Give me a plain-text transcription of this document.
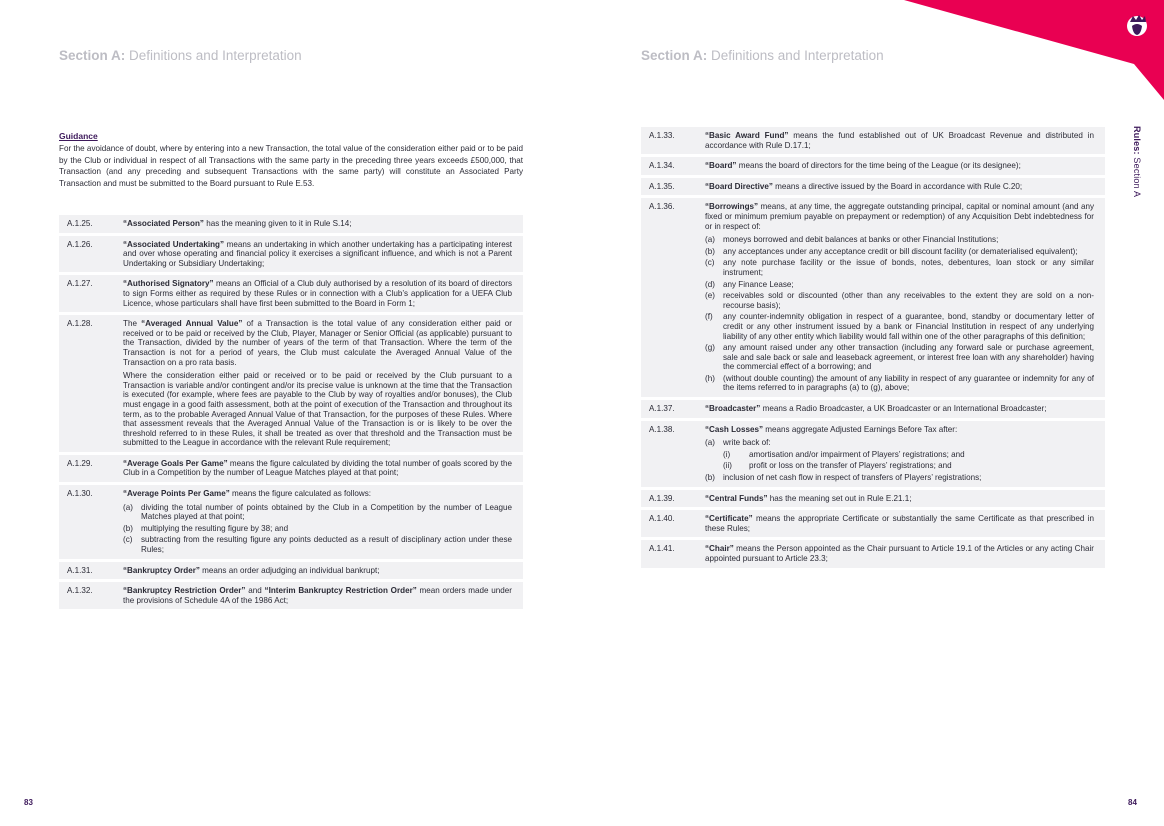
Section A: Definitions and Interpretation	Section A: Definitions and Interpretation
Rules: Section A
Guidance

For the avoidance of doubt, where by entering into a new Transaction, the total value of the consideration either paid or to be paid by the Club or individual in respect of all Transactions with the same party in the preceding three years exceeds £500,000, that Transaction (and any preceding and subsequent Transactions with the same party) will constitute an Associated Party Transaction and must be submitted to the Board pursuant to Rule E.53.

A.1.25.	“Associated Person” has the meaning given to it in Rule S.14;

A.1.26.	“Associated Undertaking” means an undertaking in which another undertaking has a participating interest and over whose operating and financial policy it exercises a significant influence, and which is not a Parent Undertaking or Subsidiary Undertaking;

A.1.27.	“Authorised Signatory” means an Official of a Club duly authorised by a resolution of its board of directors to sign Forms either as required by these Rules or in connection with a Club’s application for a UEFA Club Licence, whose particulars shall have first been submitted to the Board in Form 1;

A.1.28.	The “Averaged Annual Value” of a Transaction is the total value of any consideration either paid or received or to be paid or received by the Club, Player, Manager or Senior Official (as applicable) pursuant to the Transaction, divided by the number of years of the term of that Transaction. Where the term of the Transaction is not for a period of years, the Club must calculate the Averaged Annual Value of the Transaction on a pro rata basis.

Where the consideration either paid or received or to be paid or received by the Club pursuant to a Transaction is variable and/or contingent and/or its precise value is unknown at the time that the Transaction is executed (for example, where fees are payable to the Club by way of royalties and/or bonuses), the Club must engage in a good faith assessment, both at the point of execution of the Transaction and throughout its term, as to the probable Averaged Annual Value of that Transaction, for the purposes of these Rules. Where that assessment reveals that the Averaged Annual Value of the Transaction is or is likely to be over the threshold referred to in these Rules, it shall be treated as over that threshold and the Transaction must be submitted to the League in accordance with the relevant Rule requirement;

A.1.29.	“Average Goals Per Game” means the figure calculated by dividing the total number of goals scored by the Club in a Competition by the number of League Matches played at that point;

A.1.30.	“Average Points Per Game” means the figure calculated as follows:

(a) dividing the total number of points obtained by the Club in a Competition by the number of League Matches played at that point;
(b) multiplying the resulting figure by 38; and
(c)	subtracting from the resulting figure any points deducted as a result of disciplinary action under these Rules;
A.1.31.	“Bankruptcy Order” means an order adjudging an individual bankrupt;

A.1.32.	“Bankruptcy Restriction Order” and “Interim Bankruptcy Restriction Order” mean orders made under the provisions of Schedule 4A of the 1986 Act;

A.1.33.	“Basic Award Fund” means the fund established out of UK Broadcast Revenue and distributed in accordance with Rule D.17.1;

A.1.34.	“Board” means the board of directors for the time being of the League (or its designee);

A.1.35.	“Board Directive” means a directive issued by the Board in accordance with Rule C.20;

A.1.36.	“Borrowings” means, at any time, the aggregate outstanding principal, capital or nominal amount (and any fixed or minimum premium payable on prepayment or redemption) of any Acquisition Debt indebtedness for or in respect of:

(a) moneys borrowed and debit balances at banks or other Financial Institutions;
(b) any acceptances under any acceptance credit or bill discount facility (or dematerialised equivalent);
(c)	any note purchase facility or the issue of bonds, notes, debentures, loan stock or any similar instrument;
(d) any Finance Lease;
(e) receivables sold or discounted (other than any receivables to the extent they are sold on a non-recourse basis);
(f)	any counter-indemnity obligation in respect of a guarantee, bond, standby or documentary letter of credit or any other instrument issued by a bank or Financial Institution in respect of any underlying liability of any other entity which liability would fall within one of the other paragraphs of this definition;
(g) any amount raised under any other transaction (including any forward sale or purchase agreement, sale and sale back or sale and leaseback agreement, or interest free loan with any shareholder) having the commercial effect of a borrowing; and
(h) (without double counting) the amount of any liability in respect of any guarantee or indemnity for any of the items referred to in paragraphs (a) to (g), above;
A.1.37.	“Broadcaster” means a Radio Broadcaster, a UK Broadcaster or an International Broadcaster;

A.1.38.	“Cash Losses” means aggregate Adjusted Earnings Before Tax after:

(a) write back of:
(i)	amortisation and/or impairment of Players’ registrations; and
(ii)	profit or loss on the transfer of Players’ registrations; and
(b) inclusion of net cash flow in respect of transfers of Players’ registrations;
A.1.39.	“Central Funds” has the meaning set out in Rule E.21.1;

A.1.40.	“Certificate” means the appropriate Certificate or substantially the same Certificate as that prescribed in these Rules;

A.1.41.	“Chair” means the Person appointed as the Chair pursuant to Article 19.1 of the Articles or any acting Chair appointed pursuant to Article 23.3;

83	84
